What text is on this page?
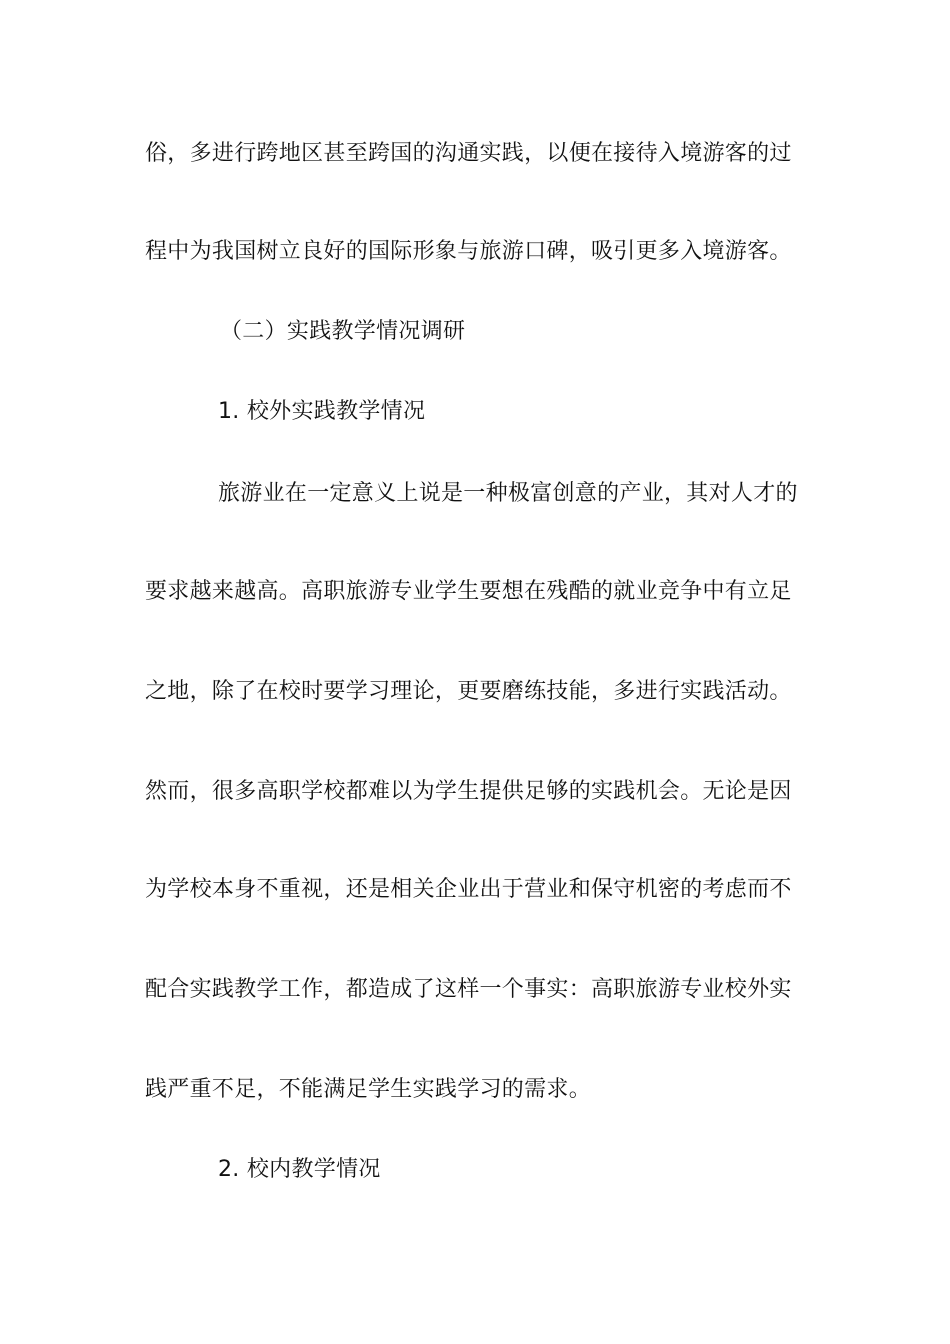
俗，多进行跨地区甚至跨国的沟通实践，以便在接待入境游客的过
程中为我国树立良好的国际形象与旅游口碑，吸引更多入境游客。
（二）实践教学情况调研
1. 校外实践教学情况
旅游业在一定意义上说是一种极富创意的产业，其对人才的
要求越来越高。高职旅游专业学生要想在残酷的就业竞争中有立足
之地，除了在校时要学习理论，更要磨练技能，多进行实践活动。
然而，很多高职学校都难以为学生提供足够的实践机会。无论是因
为学校本身不重视，还是相关企业出于营业和保守机密的考虑而不
配合实践教学工作，都造成了这样一个事实：高职旅游专业校外实
践严重不足，不能满足学生实践学习的需求。
2. 校内教学情况
